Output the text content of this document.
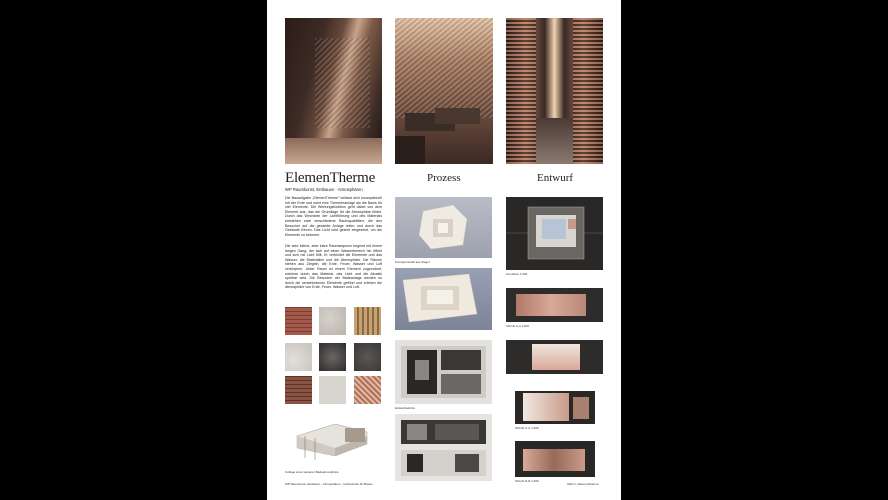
ElemenTherme
WP Raumkunst, Entbauen · Atmosphären
Prozess	Entwurf
Die Bauaufgabe „ElemenTherme" befasst sich konzeptionell mit der Erde und nutzt eine Thermenanlage als die Basis für vier Elemente. Die Wertungsfunktion geht dabei von dem Element aus, das die Grundlage für die Atmosphäre bildet. Durch das Wechseln der Lichtführung und des Materials entstehen zwei verschiedene Raumqualitäten, die den Besucher auf die gesamte Anlage leiten und durch das Gebäude führen. Das Licht wird gezielt eingesetzt, um die Elemente zu betonen.
Die sehr intime, aber klare Raumsequenz beginnt mit einem langen Gang, der sich auf einen Wasserbereich hin öffnet und sich mit Licht füllt. Er verbindet die Elemente und das Wasser, die Materialien und die Atmosphäre. Die Räume stehen aus Ziegeln, die Erde, Feuer, Wasser und Luft verkörpern. Jeder Raum ist einem Element zugeordnet, welches durch das Material, das Licht und die Akustik spürbar wird. Die Besucher der Badeanlage werden so durch die verschiedenen Elemente geführt und erleben die Atmosphäre von Erde, Feuer, Wasser und Luft.
Collage einer weiteren Badeatmosphäre
Konzeptmodell aus Ziegel
Entwurfsskizze
Grundriss 1:200
Schnitt A-A 1:200
Schnitt C-C 1:200
Schnitt D-D 1:200
WP Raumkunst, Entbauen · Atmosphären · Hochschule für Bauen	Tafel 1 / Elementtherme
